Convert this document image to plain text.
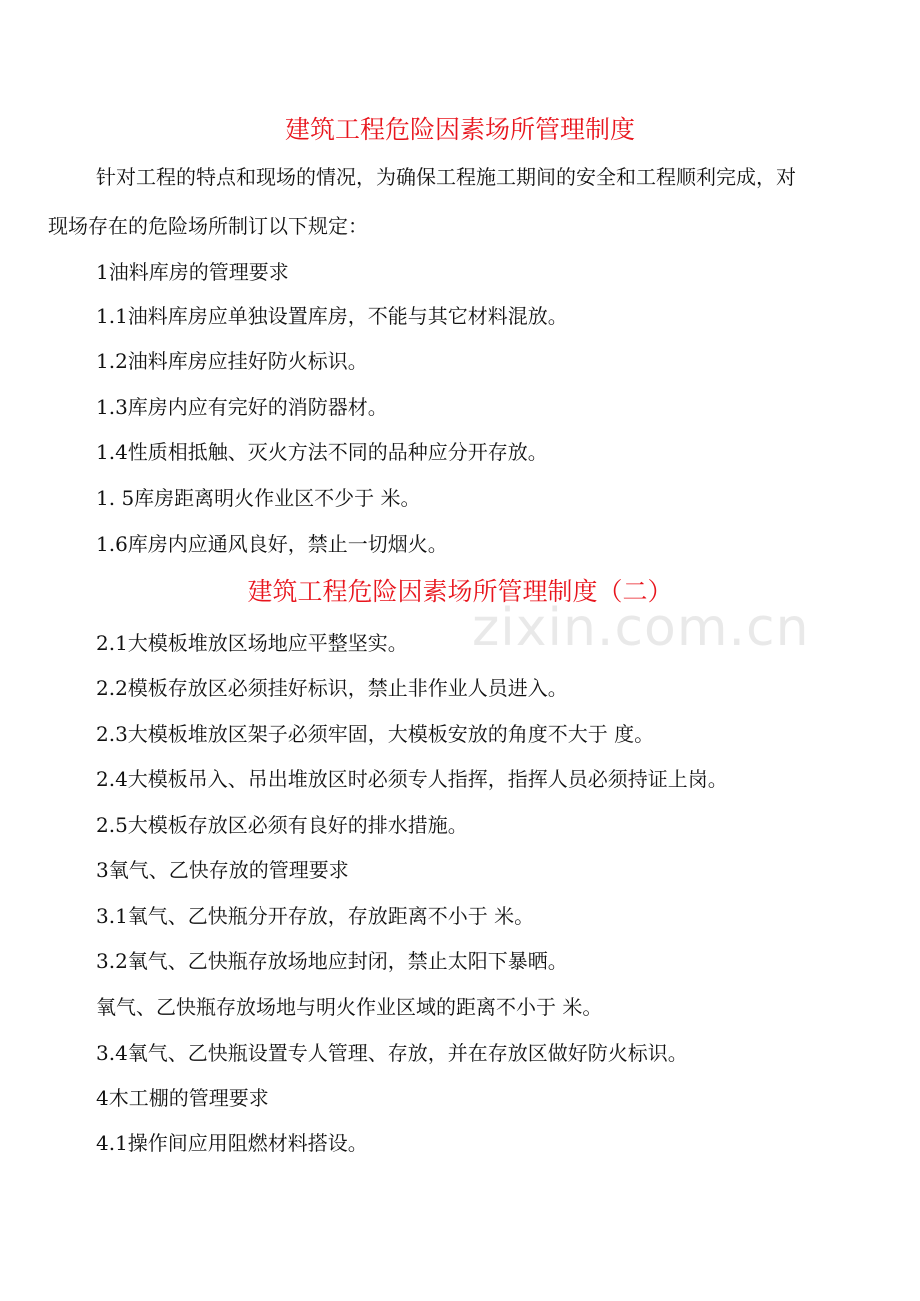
建筑工程危险因素场所管理制度
针对工程的特点和现场的情况，为确保工程施工期间的安全和工程顺利完成，对
现场存在的危险场所制订以下规定：
1油料库房的管理要求
1.1油料库房应单独设置库房，不能与其它材料混放。
1.2油料库房应挂好防火标识。
1.3库房内应有完好的消防器材。
1.4性质相抵触、灭火方法不同的品种应分开存放。
1. 5库房距离明火作业区不少于 米。
1.6库房内应通风良好，禁止一切烟火。
建筑工程危险因素场所管理制度（二）
zixin.com.cn
2.1大模板堆放区场地应平整坚实。
2.2模板存放区必须挂好标识，禁止非作业人员进入。
2.3大模板堆放区架子必须牢固，大模板安放的角度不大于 度。
2.4大模板吊入、吊出堆放区时必须专人指挥，指挥人员必须持证上岗。
2.5大模板存放区必须有良好的排水措施。
3氧气、乙快存放的管理要求
3.1氧气、乙快瓶分开存放，存放距离不小于 米。
3.2氧气、乙快瓶存放场地应封闭，禁止太阳下暴晒。
氧气、乙快瓶存放场地与明火作业区域的距离不小于 米。
3.4氧气、乙快瓶设置专人管理、存放，并在存放区做好防火标识。
4木工棚的管理要求
4.1操作间应用阻燃材料搭设。
